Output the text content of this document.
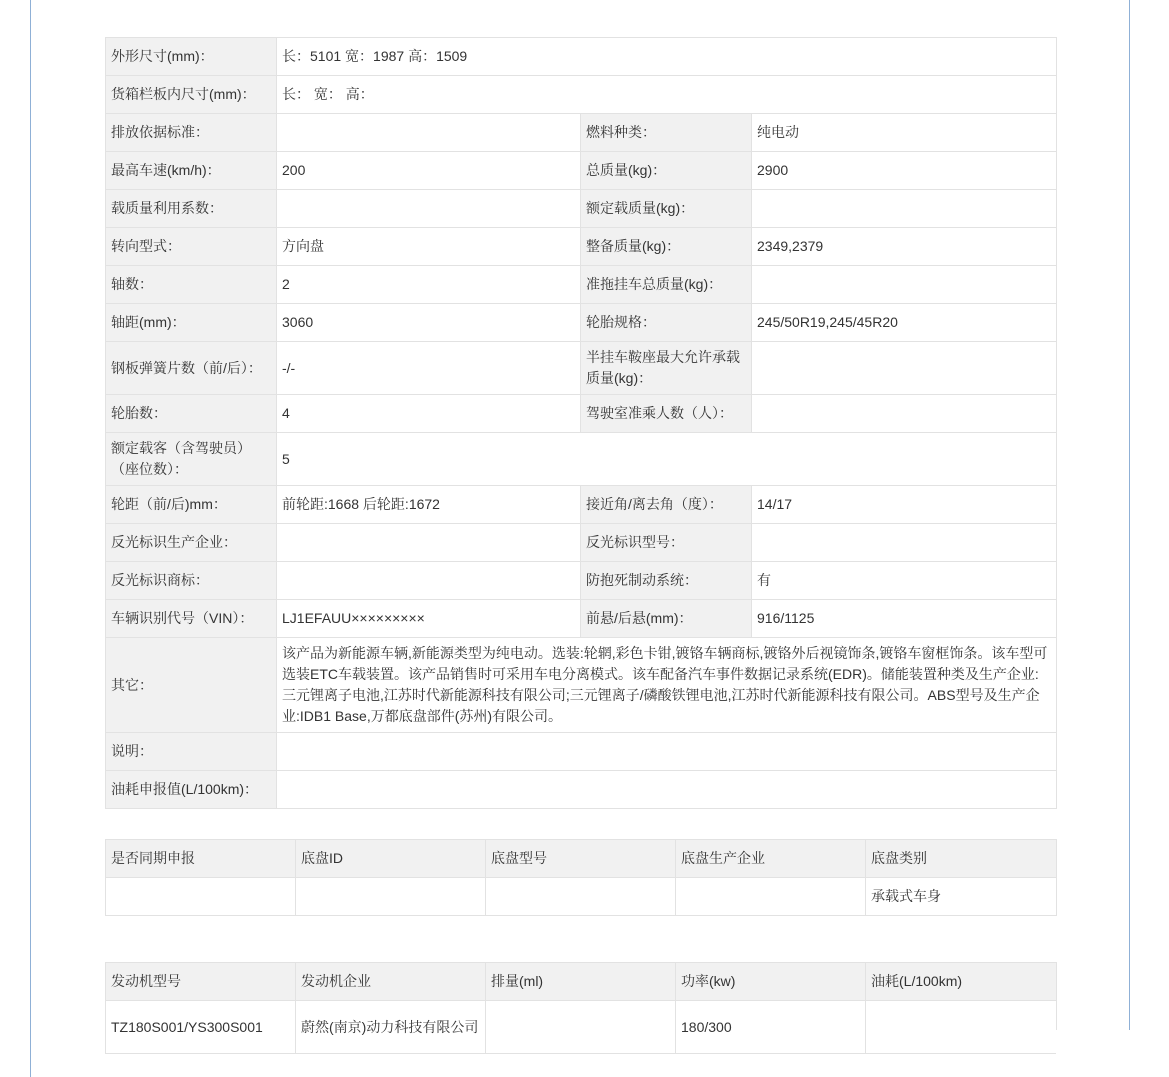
外形尺寸(mm)：	长：5101 宽：1987 高：1509		
货箱栏板内尺寸(mm)：	长： 宽： 高：		
排放依据标准：		燃料种类：	纯电动
最高车速(km/h)：	200	总质量(kg)：	2900
载质量利用系数：		额定载质量(kg)：	
转向型式：	方向盘	整备质量(kg)：	2349,2379
轴数：	2	准拖挂车总质量(kg)：	
轴距(mm)：	3060	轮胎规格：	245/50R19,245/45R20
钢板弹簧片数（前/后）：	-/-	半挂车鞍座最大允许承载质量(kg)：	
轮胎数：	4	驾驶室准乘人数（人）：	
额定载客（含驾驶员）（座位数）：	5		
轮距（前/后)mm：	前轮距:1668 后轮距:1672	接近角/离去角（度）：	14/17
反光标识生产企业：		反光标识型号：	
反光标识商标：		防抱死制动系统：	有
车辆识别代号（VIN）：	LJ1EFAUU×××××××××	前悬/后悬(mm)：	916/1125
其它：	该产品为新能源车辆,新能源类型为纯电动。选装:轮辋,彩色卡钳,镀铬车辆商标,镀铬外后视镜饰条,镀铬车窗框饰条。该车型可选装ETC车载装置。该产品销售时可采用车电分离模式。该车配备汽车事件数据记录系统(EDR)。储能装置种类及生产企业:三元锂离子电池,江苏时代新能源科技有限公司;三元锂离子/磷酸铁锂电池,江苏时代新能源科技有限公司。ABS型号及生产企业:IDB1 Base,万都底盘部件(苏州)有限公司。		
说明：			
油耗申报值(L/100km)：			
是否同期申报	底盘ID	底盘型号	底盘生产企业	底盘类别
				承载式车身
发动机型号	发动机企业	排量(ml)	功率(kw)	油耗(L/100km)
TZ180S001/YS300S001	蔚然(南京)动力科技有限公司		180/300	
